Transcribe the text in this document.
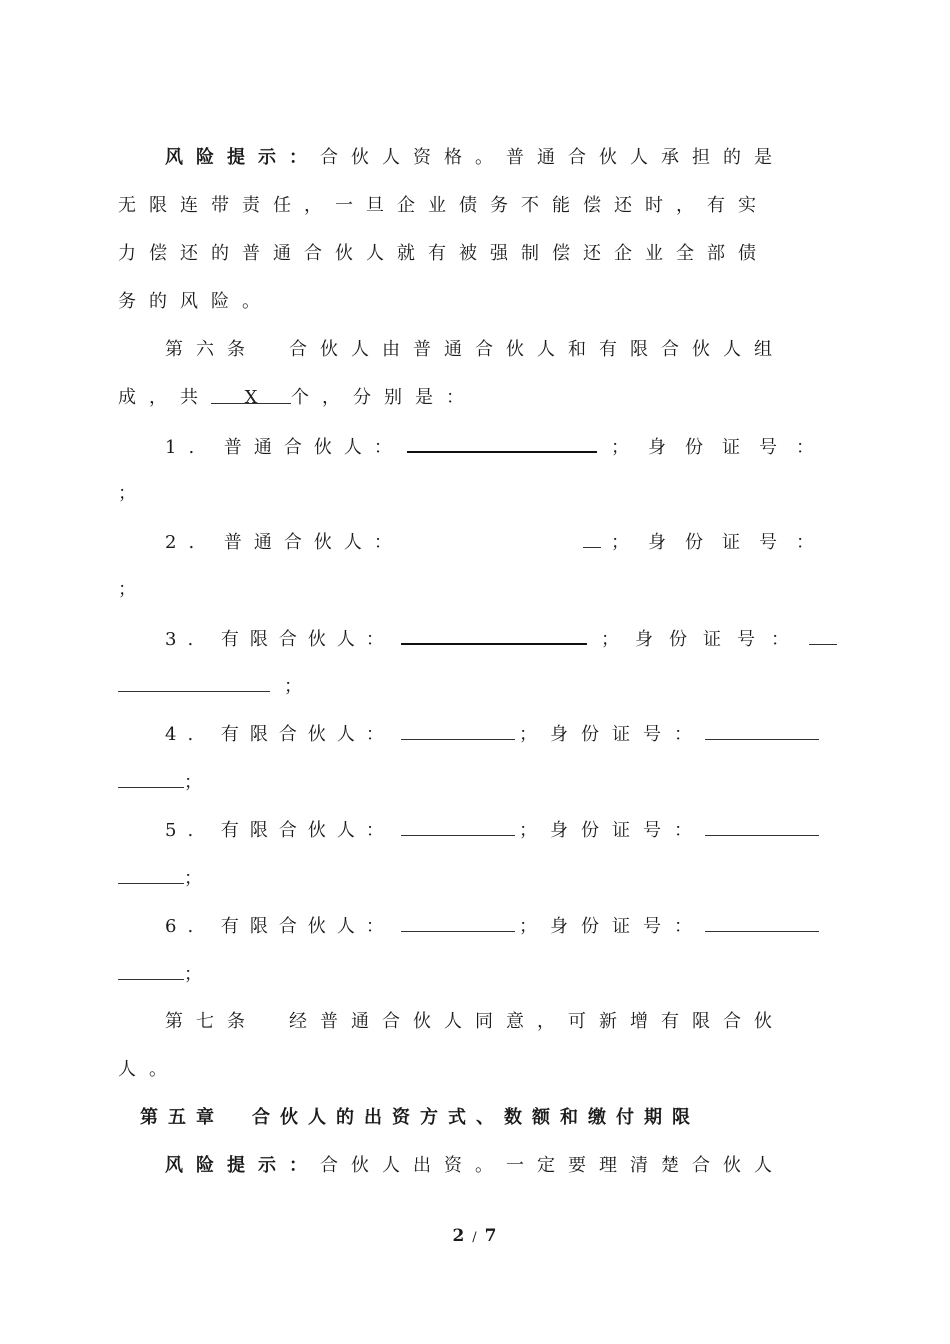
风险提示：合伙人资格。普通合伙人承担的是
无限连带责任，一旦企业债务不能偿还时，有实
力偿还的普通合伙人就有被强制偿还企业全部债
务的风险。
第六条　合伙人由普通合伙人和有限合伙人组
成，共 X 个，分别是：
1. 普通合伙人：	；身份证号：
；
2. 普通合伙人：	；身份证号：
；
3. 有限合伙人：	；身份证号：
；
4. 有限合伙人：	；身份证号：
；
5. 有限合伙人：	；身份证号：
；
6. 有限合伙人：	；身份证号：
；
第七条　经普通合伙人同意，可新增有限合伙
人。
第五章　合伙人的出资方式、数额和缴付期限
风险提示：合伙人出资。一定要理清楚合伙人
2 / 7
